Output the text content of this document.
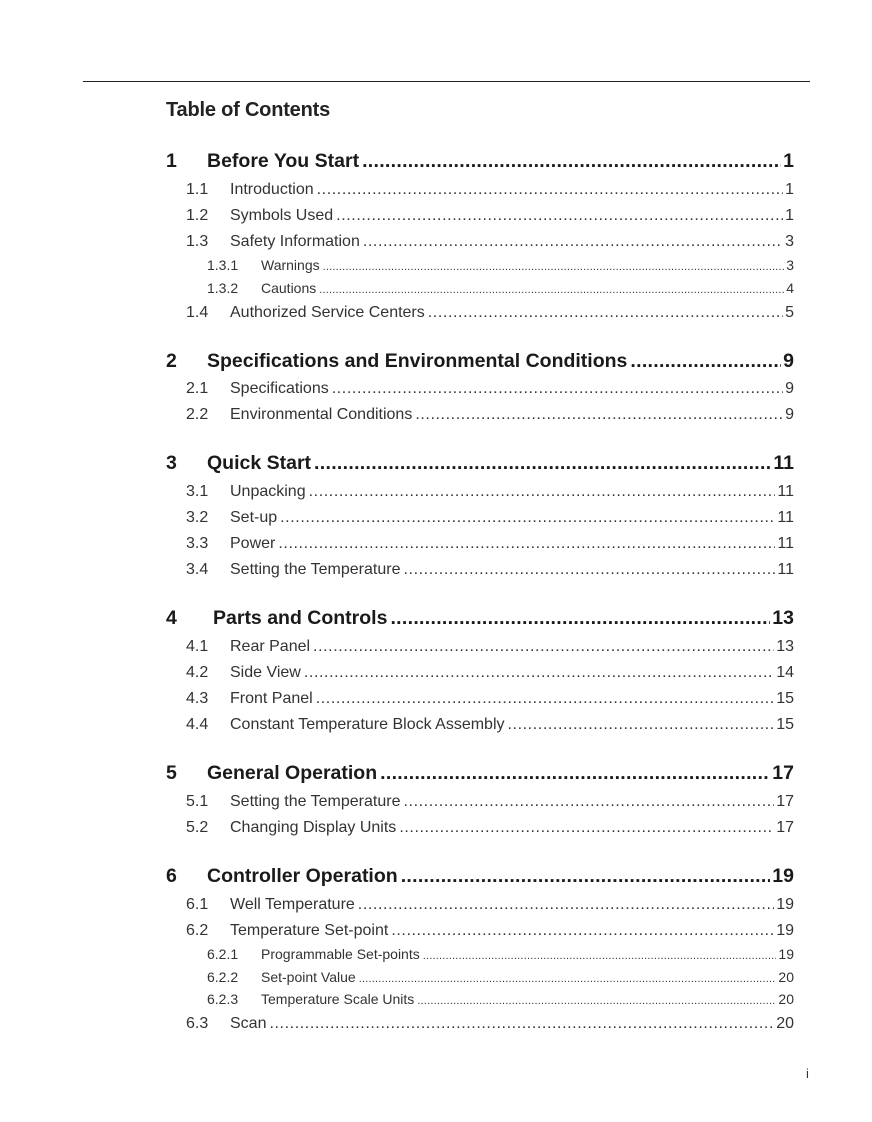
Table of Contents
1	Before You Start .....	1
1.1	Introduction .....	1
1.2	Symbols Used .....	1
1.3	Safety Information .....	3
1.3.1	Warnings .....	3
1.3.2	Cautions .....	4
1.4	Authorized Service Centers .....	5
2	Specifications and Environmental Conditions .....	9
2.1	Specifications .....	9
2.2	Environmental Conditions .....	9
3	Quick Start .....	11
3.1	Unpacking .....	11
3.2	Set-up .....	11
3.3	Power .....	11
3.4	Setting the Temperature .....	11
4	Parts and Controls .....	13
4.1	Rear Panel .....	13
4.2	Side View .....	14
4.3	Front Panel .....	15
4.4	Constant Temperature Block Assembly .....	15
5	General Operation .....	17
5.1	Setting the Temperature .....	17
5.2	Changing Display Units .....	17
6	Controller Operation .....	19
6.1	Well Temperature .....	19
6.2	Temperature Set-point .....	19
6.2.1	Programmable Set-points .....	19
6.2.2	Set-point Value .....	20
6.2.3	Temperature Scale Units .....	20
6.3	Scan .....	20
i
